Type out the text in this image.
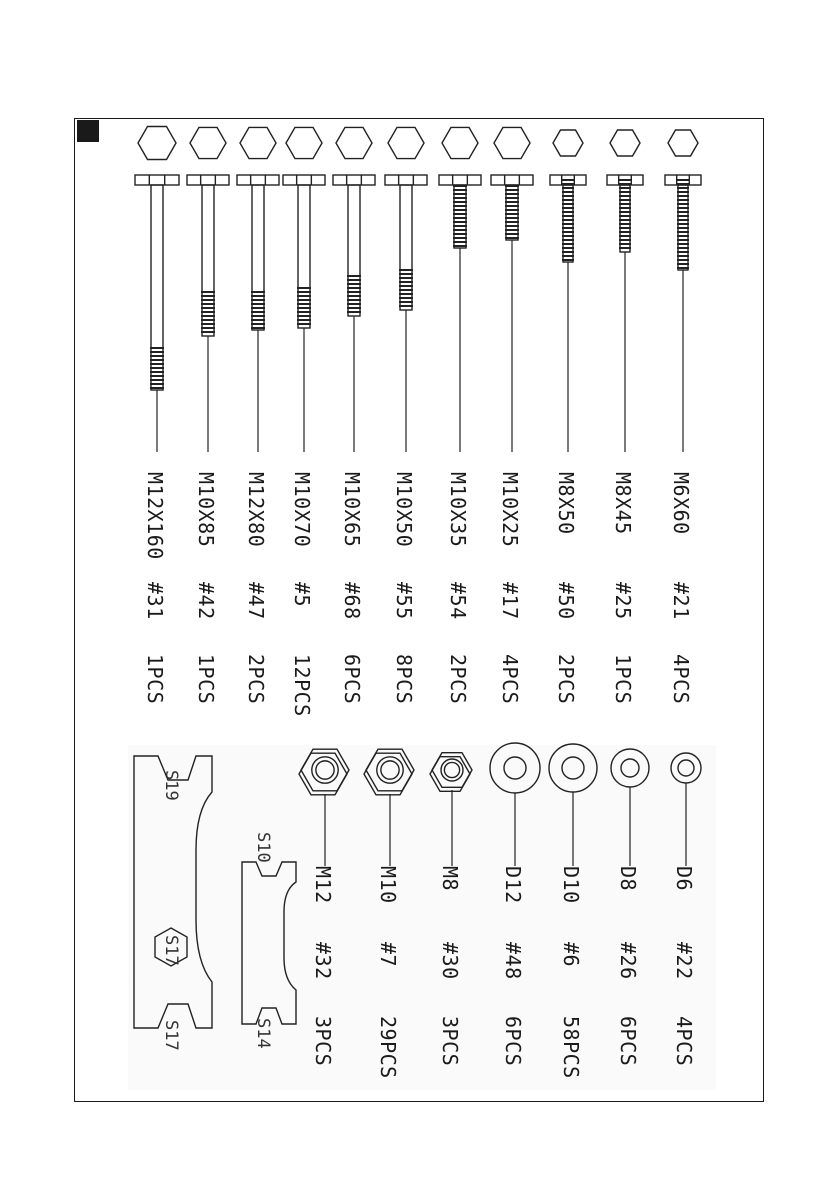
M12X160
#31
1PCS
M10X85
#42
1PCS
M12X80
#47
2PCS
M10X70
#5
12PCS
M10X65
#68
6PCS
M10X50
#55
8PCS
M10X35
#54
2PCS
M10X25
#17
4PCS
M8X50
#50
2PCS
M8X45
#25
1PCS
M6X60
#21
4PCS
M12
#32
3PCS
M10
#7
29PCS
M8
#30
3PCS
D12
#48
6PCS
D10
#6
58PCS
D8
#26
6PCS
D6
#22
4PCS
S19
S17
S17
S10
S14
